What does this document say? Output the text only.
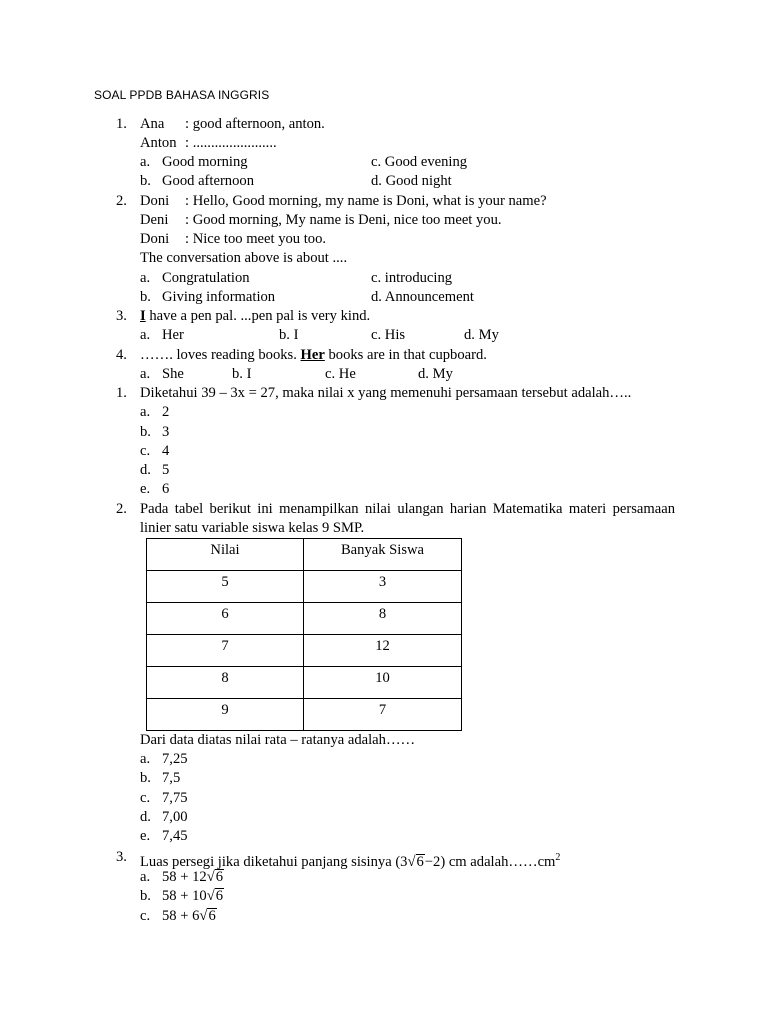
SOAL PPDB BAHASA INGGRIS
1. Ana : good afternoon, anton.
Anton : .......................
a. Good morning	c. Good evening
b. Good afternoon	d. Good night
2. Doni : Hello, Good morning, my name is Doni, what is your name?
Deni : Good morning, My name is Deni, nice too meet you.
Doni : Nice too meet you too.
The conversation above is about ....
a. Congratulation	c. introducing
b. Giving information	d. Announcement
3. I have a pen pal. ...pen pal is very kind.
a. Her	b. I	c. His	d. My
4. ……. loves reading books. Her books are in that cupboard.
a. She	b. I	c. He	d. My
1. Diketahui 39 – 3x = 27, maka nilai x yang memenuhi persamaan tersebut adalah…..
a. 2
b. 3
c. 4
d. 5
e. 6
2. Pada tabel berikut ini menampilkan nilai ulangan harian Matematika materi persamaan linier satu variable siswa kelas 9 SMP.
Nilai	Banyak Siswa
5	3
6	8
7	12
8	10
9	7
Dari data diatas nilai rata – ratanya adalah……
a. 7,25
b. 7,5
c. 7,75
d. 7,00
e. 7,45
3. Luas persegi jika diketahui panjang sisinya (3√6−2) cm $adalah\dots\dots cm^2$
a. 58 + 12√6
b. 58 + 10√6
c. 58 + 6√6
